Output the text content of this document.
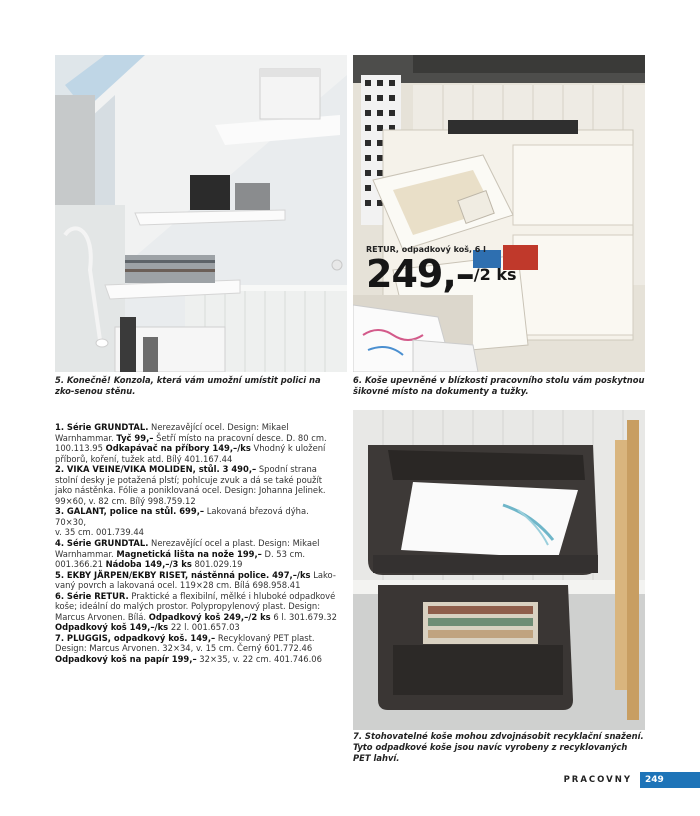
RETUR, odpadkový koš, 6 l
249,–/2 ks
5. Konečně! Konzola, která vám umožní umístit polici na zko-senou stěnu.
6. Koše upevněné v blízkosti pracovního stolu vám poskytnou šikovné místo na dokumenty a tužky.
7. Stohovatelné koše mohou zdvojnásobit recyklační snažení. Tyto odpadkové koše jsou navíc vyrobeny z recyklovaných PET lahví.
1. Série GRUNDTAL. Nerezavějící ocel. Design: Mikael
Warnhammar. Tyč 99,– Šetří místo na pracovní desce. D. 80 cm.
100.113.95 Odkapávač na příbory 149,–/ks Vhodný k uložení
příborů, koření, tužek atd. Bílý 401.167.44
2. VIKA VEINE/VIKA MOLIDEN, stůl. 3 490,– Spodní strana
stolní desky je potažená plstí; pohlcuje zvuk a dá se také použít
jako nástěnka. Fólie a poniklovaná ocel. Design: Johanna Jelinek.
99×60, v. 82 cm. Bílý 998.759.12
3. GALANT, police na stůl. 699,– Lakovaná březová dýha. 70×30,
v. 35 cm. 001.739.44
4. Série GRUNDTAL. Nerezavějící ocel a plast. Design: Mikael
Warnhammar. Magnetická lišta na nože 199,– D. 53 cm.
001.366.21 Nádoba 149,–/3 ks 801.029.19
5. EKBY JÄRPEN/EKBY RISET, nástěnná police. 497,–/ks Lako-
vaný povrch a lakovaná ocel. 119×28 cm. Bílá 698.958.41
6. Série RETUR. Praktické a flexibilní, mělké i hluboké odpadkové
koše; ideální do malých prostor. Polypropylenový plast. Design:
Marcus Arvonen. Bílá. Odpadkový koš 249,–/2 ks 6 l. 301.679.32
Odpadkový koš 149,–/ks 22 l. 001.657.03
7. PLUGGIS, odpadkový koš. 149,– Recyklovaný PET plast.
Design: Marcus Arvonen. 32×34, v. 15 cm. Černý 601.772.46
Odpadkový koš na papír 199,– 32×35, v. 22 cm. 401.746.06
PRACOVNY	249
